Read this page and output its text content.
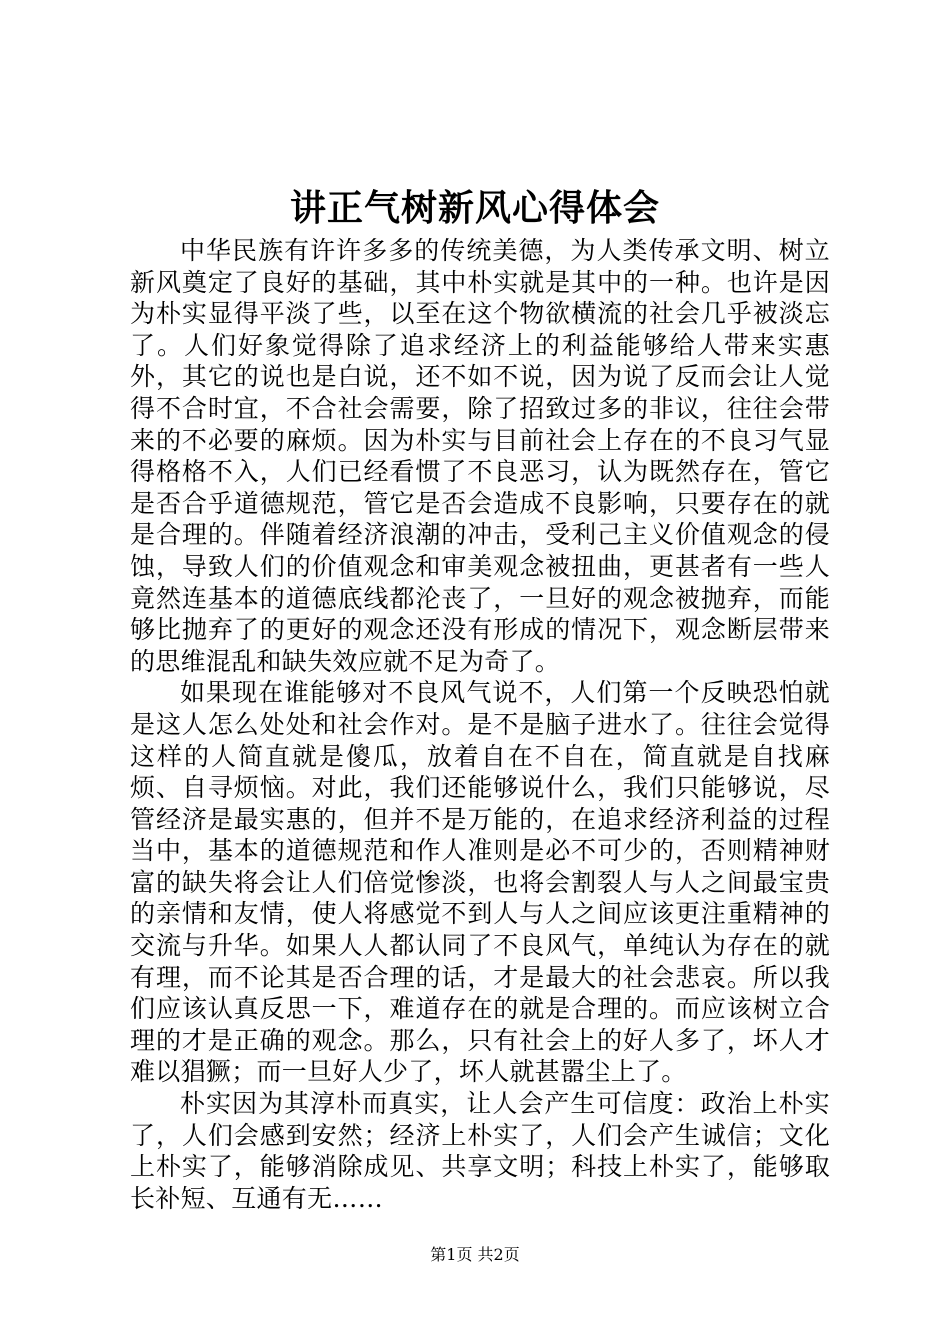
讲正气树新风心得体会

中华民族有许许多多的传统美德，为人类传承文明、树立新风奠定了良好的基础，其中朴实就是其中的一种。也许是因为朴实显得平淡了些，以至在这个物欲横流的社会几乎被淡忘了。人们好象觉得除了追求经济上的利益能够给人带来实惠外，其它的说也是白说，还不如不说，因为说了反而会让人觉得不合时宜，不合社会需要，除了招致过多的非议，往往会带来的不必要的麻烦。因为朴实与目前社会上存在的不良习气显得格格不入，人们已经看惯了不良恶习，认为既然存在，管它是否合乎道德规范，管它是否会造成不良影响，只要存在的就是合理的。伴随着经济浪潮的冲击，受利己主义价值观念的侵蚀，导致人们的价值观念和审美观念被扭曲，更甚者有一些人竟然连基本的道德底线都沦丧了，一旦好的观念被抛弃，而能够比抛弃了的更好的观念还没有形成的情况下，观念断层带来的思维混乱和缺失效应就不足为奇了。

如果现在谁能够对不良风气说不，人们第一个反映恐怕就是这人怎么处处和社会作对。是不是脑子进水了。往往会觉得这样的人简直就是傻瓜，放着自在不自在，简直就是自找麻烦、自寻烦恼。对此，我们还能够说什么，我们只能够说，尽管经济是最实惠的，但并不是万能的，在追求经济利益的过程当中，基本的道德规范和作人准则是必不可少的，否则精神财富的缺失将会让人们倍觉惨淡，也将会割裂人与人之间最宝贵的亲情和友情，使人将感觉不到人与人之间应该更注重精神的交流与升华。如果人人都认同了不良风气，单纯认为存在的就有理，而不论其是否合理的话，才是最大的社会悲哀。所以我们应该认真反思一下，难道存在的就是合理的。而应该树立合理的才是正确的观念。那么，只有社会上的好人多了，坏人才难以猖獗；而一旦好人少了，坏人就甚嚣尘上了。

朴实因为其淳朴而真实，让人会产生可信度：政治上朴实了，人们会感到安然；经济上朴实了，人们会产生诚信；文化上朴实了，能够消除成见、共享文明；科技上朴实了，能够取长补短、互通有无……

第1页 共2页
